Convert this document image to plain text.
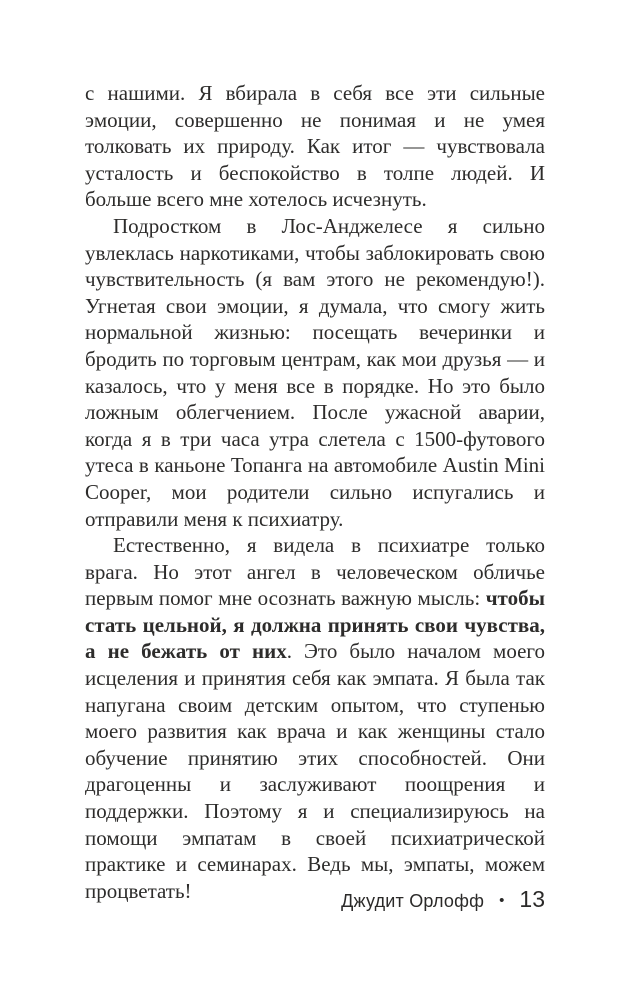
с нашими. Я вбирала в себя все эти сильные эмоции, совершенно не понимая и не умея толковать их природу. Как итог — чувствовала усталость и беспокойство в толпе людей. И больше всего мне хотелось исчезнуть.

Подростком в Лос-Анджелесе я сильно увлеклась наркотиками, чтобы заблокировать свою чувствительность (я вам этого не рекомендую!). Угнетая свои эмоции, я думала, что смогу жить нормальной жизнью: посещать вечеринки и бродить по торговым центрам, как мои друзья — и казалось, что у меня все в порядке. Но это было ложным облегчением. После ужасной аварии, когда я в три часа утра слетела с 1500-футового утеса в каньоне Топанга на автомобиле Austin Mini Cooper, мои родители сильно испугались и отправили меня к психиатру.

Естественно, я видела в психиатре только врага. Но этот ангел в человеческом обличье первым помог мне осознать важную мысль: чтобы стать цельной, я должна принять свои чувства, а не бежать от них. Это было началом моего исцеления и принятия себя как эмпата. Я была так напугана своим детским опытом, что ступенью моего развития как врача и как женщины стало обучение принятию этих способностей. Они драгоценны и заслуживают поощрения и поддержки. Поэтому я и специализируюсь на помощи эмпатам в своей психиатрической практике и семинарах. Ведь мы, эмпаты, можем процветать!	Джудит Орлофф • 13
